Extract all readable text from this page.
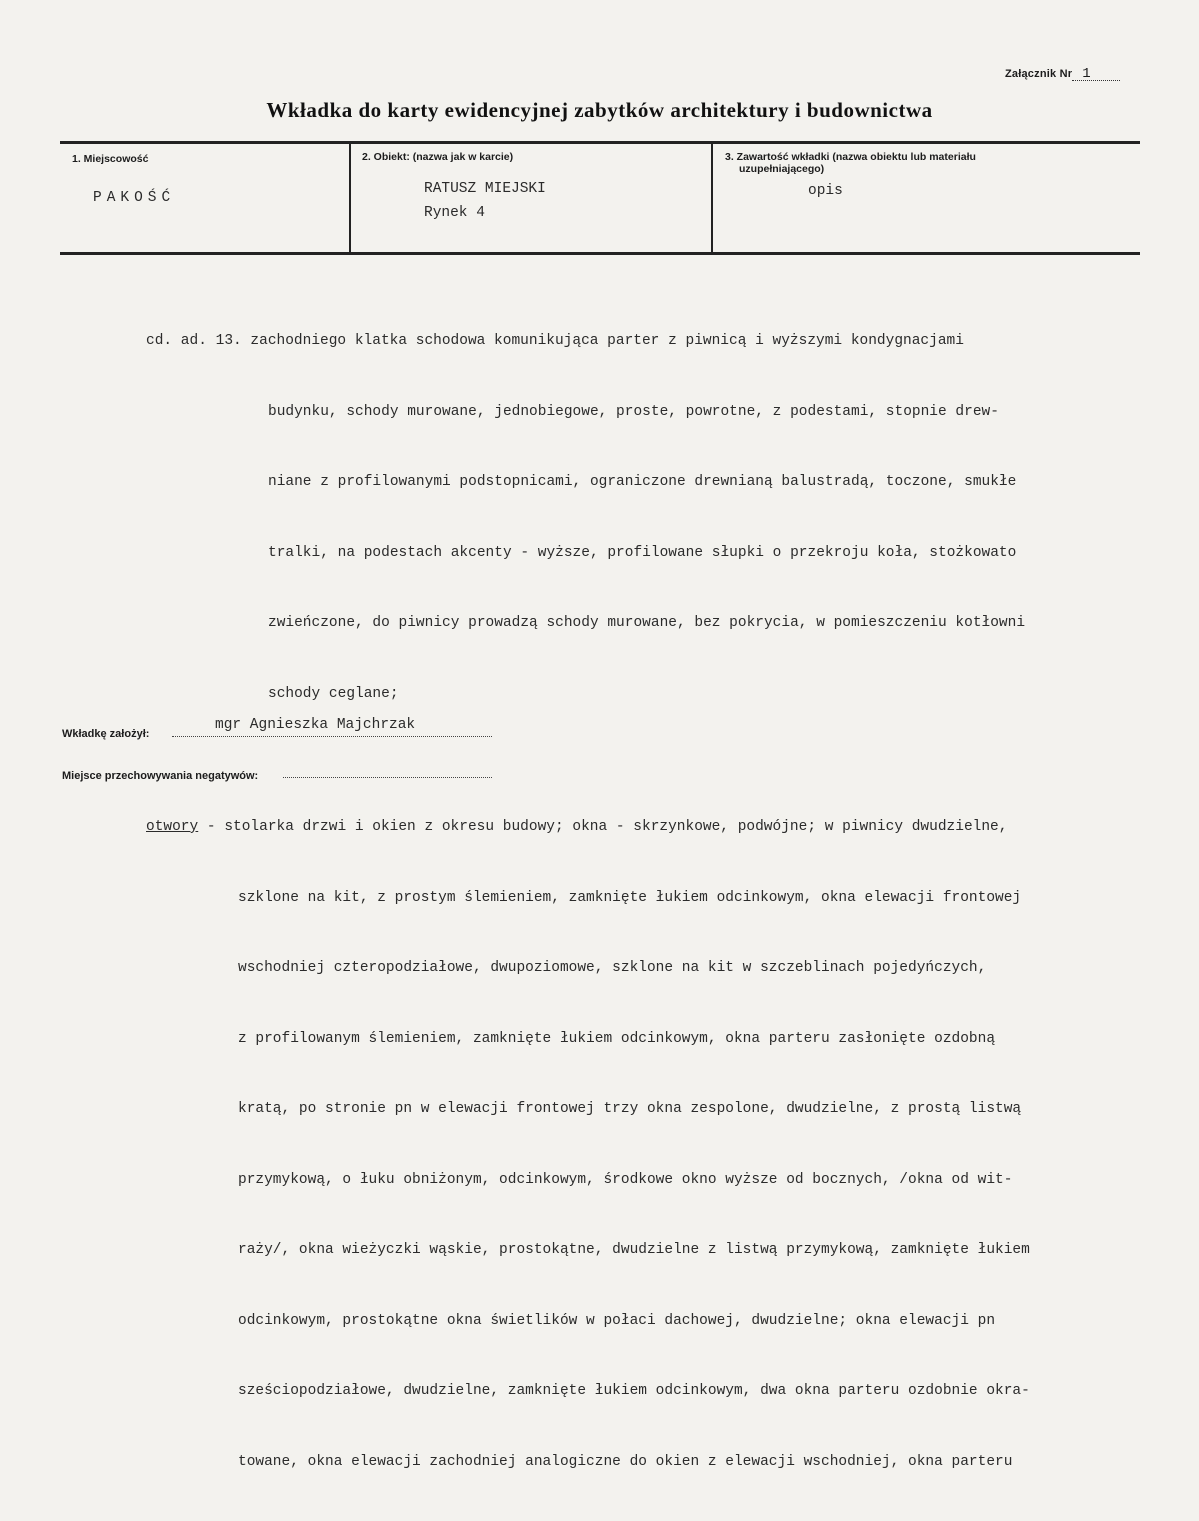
Załącznik Nr 1
Wkładka do karty ewidencyjnej zabytków architektury i budownictwa
1. Miejscowość	2. Obiekt: (nazwa jak w karcie)	3. Zawartość wkładki (nazwa obiektu lub materiału
uzupełniającego)
PAKOŚĆ
RATUSZ MIEJSKI
Rynek 4
opis

cd. ad. 13. zachodniego klatka schodowa komunikująca parter z piwnicą i wyższymi kondygnacjami

budynku, schody murowane, jednobiegowe, proste, powrotne, z podestami, stopnie drew-

niane z profilowanymi podstopnicami, ograniczone drewnianą balustradą, toczone, smukłe

tralki, na podestach akcenty - wyższe, profilowane słupki o przekroju koła, stożkowato

zwieńczone, do piwnicy prowadzą schody murowane, bez pokrycia, w pomieszczeniu kotłowni

schody ceglane;

otwory - stolarka drzwi i okien z okresu budowy; okna - skrzynkowe, podwójne; w piwnicy dwudzielne,

szklone na kit, z prostym ślemieniem, zamknięte łukiem odcinkowym, okna elewacji frontowej

wschodniej czteropodziałowe, dwupoziomowe, szklone na kit w szczeblinach pojedyńczych,

z profilowanym ślemieniem, zamknięte łukiem odcinkowym, okna parteru zasłonięte ozdobną

kratą, po stronie pn w elewacji frontowej trzy okna zespolone, dwudzielne, z prostą listwą

przymykową, o łuku obniżonym, odcinkowym, środkowe okno wyższe od bocznych, /okna od wit-

raży/, okna wieżyczki wąskie, prostokątne, dwudzielne z listwą przymykową, zamknięte łukiem

odcinkowym, prostokątne okna świetlików w połaci dachowej, dwudzielne; okna elewacji pn

sześciopodziałowe, dwudzielne, zamknięte łukiem odcinkowym, dwa okna parteru ozdobnie okra-

towane, okna elewacji zachodniej analogiczne do okien z elewacji wschodniej, okna parteru

Wkładkę założył:
mgr Agnieszka Majchrzak
Miejsce przechowywania negatywów:
